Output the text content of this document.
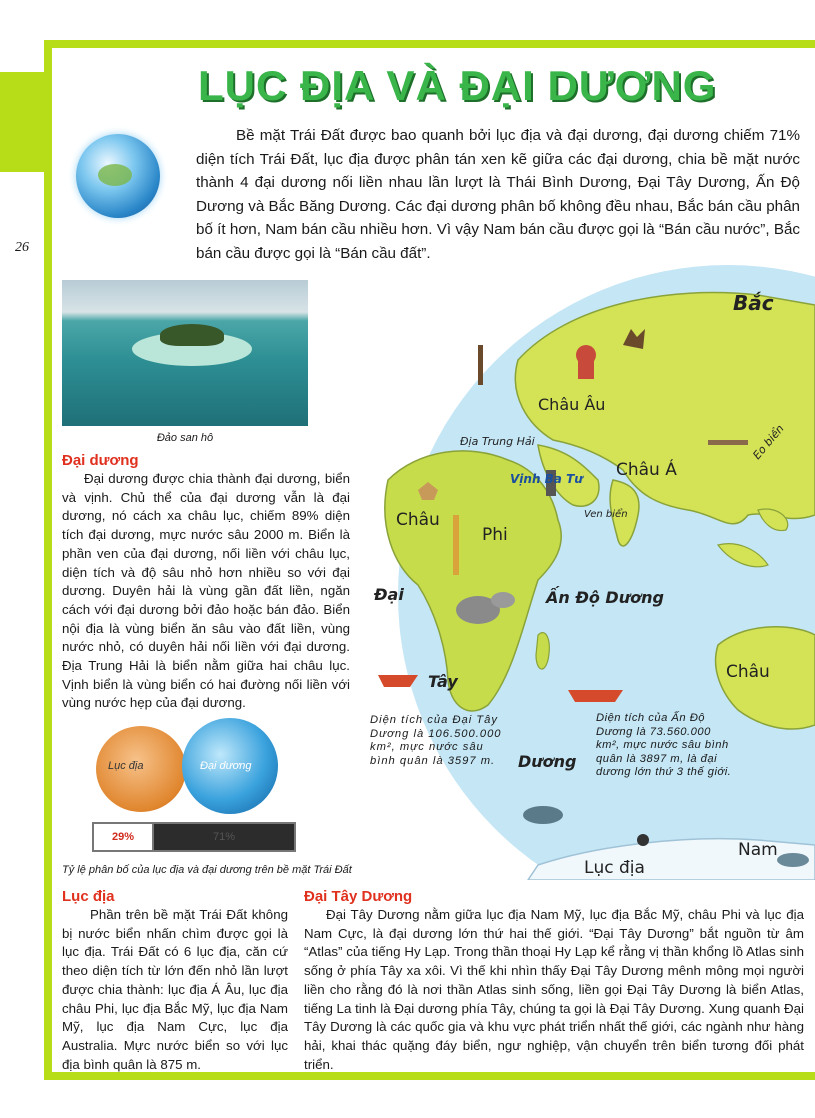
26
LỤC ĐỊA VÀ ĐẠI DƯƠNG

Bề mặt Trái Đất được bao quanh bởi lục địa và đại dương, đại dương chiếm 71% diện tích Trái Đất, lục địa được phân tán xen kẽ giữa các đại dương, chia bề mặt nước thành 4 đại dương nối liền nhau lần lượt là Thái Bình Dương, Đại Tây Dương, Ấn Độ Dương và Bắc Băng Dương. Các đại dương phân bố không đều nhau, Bắc bán cầu phân bố ít hơn, Nam bán cầu nhiều hơn. Vì vậy Nam bán cầu được gọi là “Bán cầu nước”, Bắc bán cầu được gọi là “Bán cầu đất”.

Đảo san hô
Đại dương

Đại dương được chia thành đại dương, biển và vịnh. Chủ thể của đại dương vẫn là đại dương, nó cách xa châu lục, chiếm 89% diện tích đại dương, mực nước sâu 2000 m. Biển là phần ven của đại dương, nối liền với châu lục, diện tích và độ sâu nhỏ hơn nhiều so với đại dương. Duyên hải là vùng gần đất liền, ngăn cách với đại dương bởi đảo hoặc bán đảo. Biển nội địa là vùng biển ăn sâu vào đất liền, vùng nước nhỏ, có duyên hải nối liền với đại dương. Địa Trung Hải là biển nằm giữa hai châu lục. Vịnh biển là vùng biển có hai đường nối liền với vùng nước hẹp của đại dương.

Lục địa	Đại dương
29%	71%
Tỷ lệ phân bố của lục địa và đại dương trên bề mặt Trái Đất
Bắc
Châu Âu
Địa Trung Hải
Vịnh Ba Tư Châu Á
Eo biển
Châu
Phi
Ven biển
Đại
Tây
Dương
Ấn Độ Dương
Châu
Nam
Lục địa
Diện tích của Đại Tây Dương là 106.500.000 km², mực nước sâu bình quân là 3597 m.
Diện tích của Ấn Độ Dương là 73.560.000 km², mực nước sâu bình quân là 3897 m, là đại dương lớn thứ 3 thế giới.
Lục địa

Phần trên bề mặt Trái Đất không bị nước biển nhấn chìm được gọi là lục địa. Trái Đất có 6 lục địa, căn cứ theo diện tích từ lớn đến nhỏ lần lượt được chia thành: lục địa Á Âu, lục địa châu Phi, lục địa Bắc Mỹ, lục địa Nam Mỹ, lục địa Nam Cực, lục địa Australia. Mực nước biển so với lục địa bình quân là 875 m.

Đại Tây Dương

Đại Tây Dương nằm giữa lục địa Nam Mỹ, lục địa Bắc Mỹ, châu Phi và lục địa Nam Cực, là đại dương lớn thứ hai thế giới. “Đại Tây Dương” bắt nguồn từ âm “Atlas” của tiếng Hy Lạp. Trong thần thoại Hy Lạp kể rằng vị thần khổng lồ Atlas sinh sống ở phía Tây xa xôi. Vì thế khi nhìn thấy Đại Tây Dương mênh mông mọi người liền cho rằng đó là nơi thần Atlas sinh sống, liền gọi Đại Tây Dương là biển Atlas, tiếng La tinh là Đại dương phía Tây, chúng ta gọi là Đại Tây Dương. Xung quanh Đại Tây Dương là các quốc gia và khu vực phát triển nhất thế giới, các ngành như hàng hải, khai thác quặng đáy biển, ngư nghiệp, vận chuyển trên biển tương đối phát triển.
